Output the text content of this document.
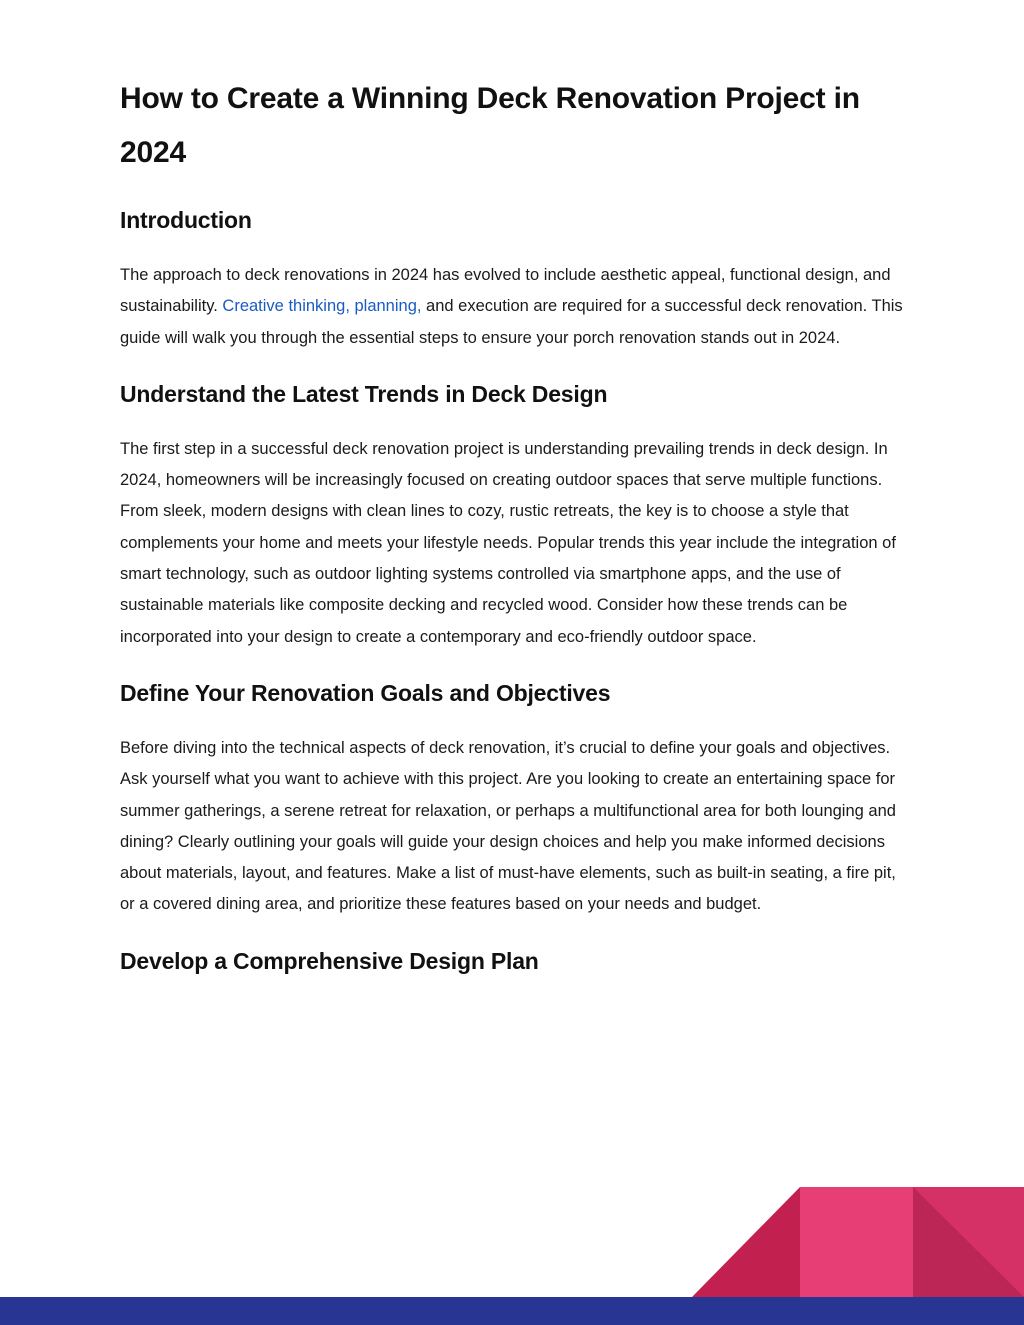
How to Create a Winning Deck Renovation Project in 2024
Introduction

The approach to deck renovations in 2024 has evolved to include aesthetic appeal, functional design, and sustainability. Creative thinking, planning, and execution are required for a successful deck renovation. This guide will walk you through the essential steps to ensure your porch renovation stands out in 2024.

Understand the Latest Trends in Deck Design

The first step in a successful deck renovation project is understanding prevailing trends in deck design. In 2024, homeowners will be increasingly focused on creating outdoor spaces that serve multiple functions. From sleek, modern designs with clean lines to cozy, rustic retreats, the key is to choose a style that complements your home and meets your lifestyle needs. Popular trends this year include the integration of smart technology, such as outdoor lighting systems controlled via smartphone apps, and the use of sustainable materials like composite decking and recycled wood. Consider how these trends can be incorporated into your design to create a contemporary and eco-friendly outdoor space.

Define Your Renovation Goals and Objectives

Before diving into the technical aspects of deck renovation, it’s crucial to define your goals and objectives. Ask yourself what you want to achieve with this project. Are you looking to create an entertaining space for summer gatherings, a serene retreat for relaxation, or perhaps a multifunctional area for both lounging and dining? Clearly outlining your goals will guide your design choices and help you make informed decisions about materials, layout, and features. Make a list of must-have elements, such as built-in seating, a fire pit, or a covered dining area, and prioritize these features based on your needs and budget.

Develop a Comprehensive Design Plan
